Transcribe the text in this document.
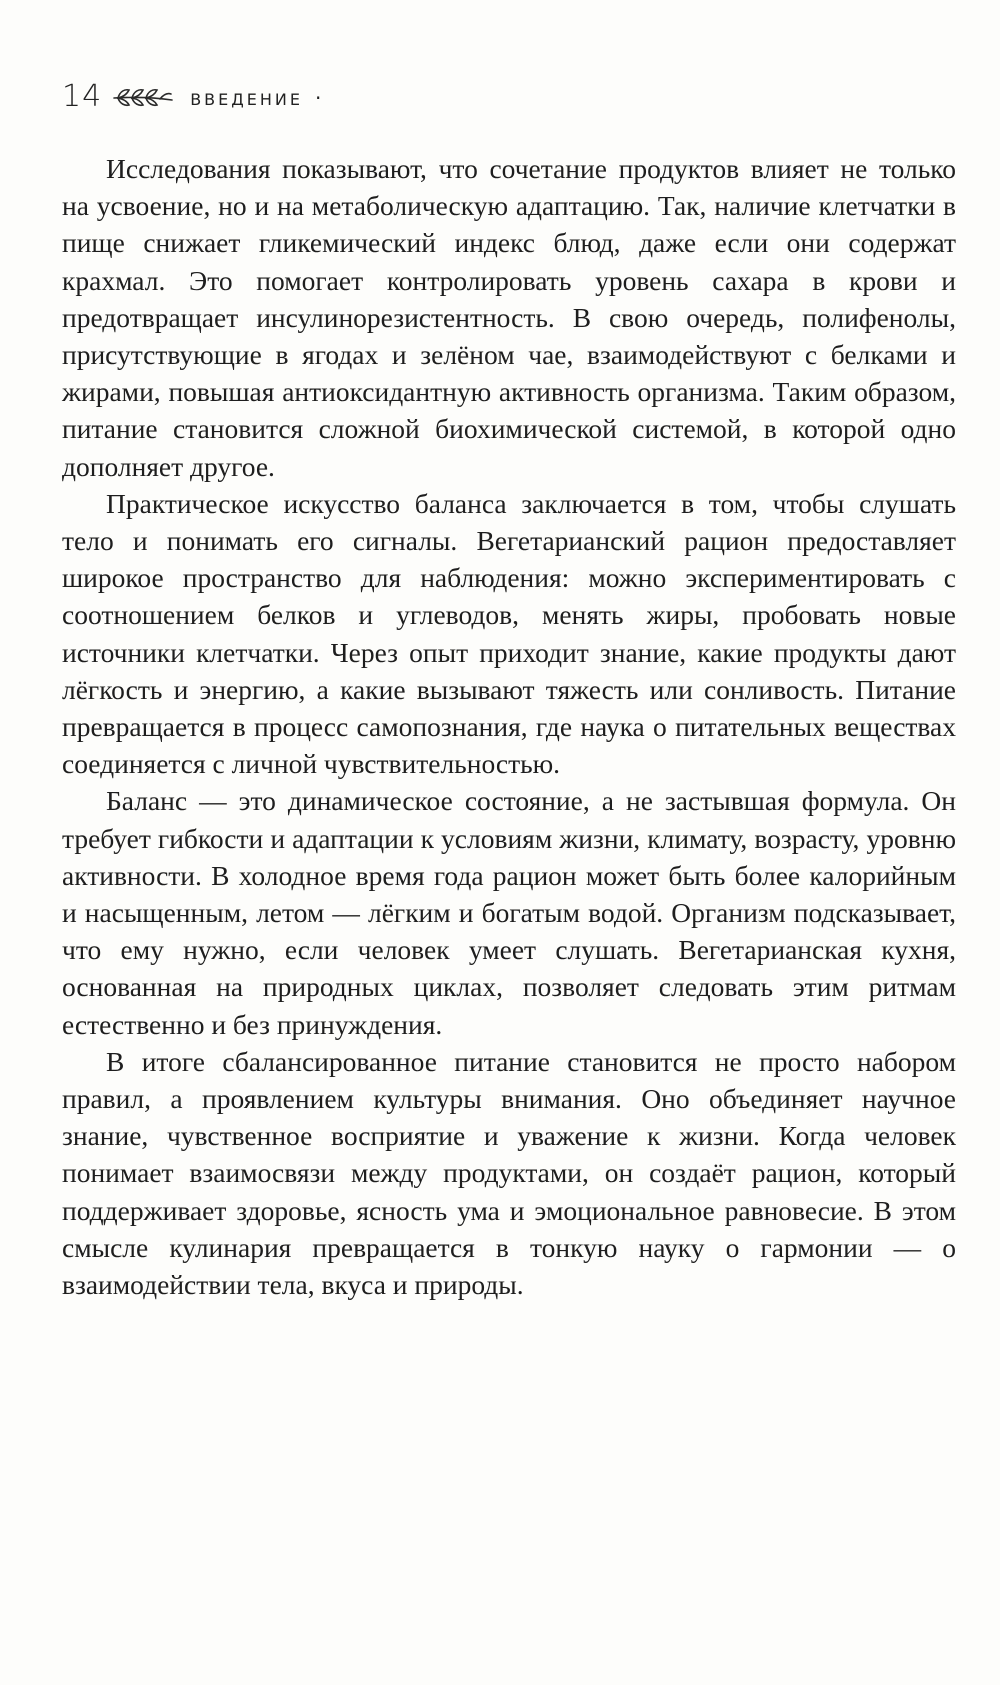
14	ВВЕДЕНИЕ ·

Исследования показывают, что сочетание продуктов влияет не только на усвоение, но и на метаболическую адаптацию. Так, наличие клетчатки в пище снижает гликемический индекс блюд, даже если они содержат крахмал. Это помогает контролировать уровень сахара в крови и предотвращает инсулинорезистентность. В свою очередь, полифенолы, присутствующие в ягодах и зелёном чае, взаимодействуют с белками и жирами, повышая антиоксидантную активность организма. Таким образом, питание становится сложной биохимической системой, в которой одно дополняет другое.

Практическое искусство баланса заключается в том, чтобы слушать тело и понимать его сигналы. Вегетарианский рацион предоставляет широкое пространство для наблюдения: можно экспериментировать с соотношением белков и углеводов, менять жиры, пробовать новые источники клетчатки. Через опыт приходит знание, какие продукты дают лёгкость и энергию, а какие вызывают тяжесть или сонливость. Питание превращается в процесс самопознания, где наука о питательных веществах соединяется с личной чувствительностью.

Баланс — это динамическое состояние, а не застывшая формула. Он требует гибкости и адаптации к условиям жизни, климату, возрасту, уровню активности. В холодное время года рацион может быть более калорийным и насыщенным, летом — лёгким и богатым водой. Организм подсказывает, что ему нужно, если человек умеет слушать. Вегетарианская кухня, основанная на природных циклах, позволяет следовать этим ритмам естественно и без принуждения.

В итоге сбалансированное питание становится не просто набором правил, а проявлением культуры внимания. Оно объединяет научное знание, чувственное восприятие и уважение к жизни. Когда человек понимает взаимосвязи между продуктами, он создаёт рацион, который поддерживает здоровье, ясность ума и эмоциональное равновесие. В этом смысле кулинария превращается в тонкую науку о гармонии — о взаимодействии тела, вкуса и природы.
